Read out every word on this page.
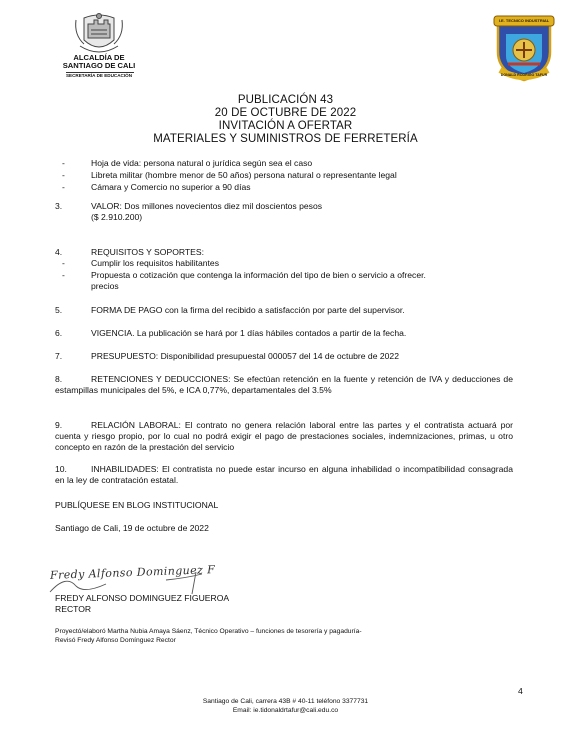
ALCALDÍA DE
SANTIAGO DE CALI
SECRETARÍA DE EDUCACIÓN
I.E. TECNICO INDUSTRIAL
DONALD RODRIGO TAFUR
PUBLICACIÓN 43
20 DE OCTUBRE DE 2022
INVITACIÓN A OFERTAR
MATERIALES Y SUMINISTROS DE FERRETERÍA
-	Hoja de vida: persona natural o jurídica según sea el caso
-	Libreta militar (hombre menor de 50 años) persona natural o representante legal
-	Cámara y Comercio no superior a 90 días
3.	VALOR: Dos millones novecientos diez mil doscientos pesos
($ 2.910.200)
4.	REQUISITOS Y SOPORTES:
-	Cumplir los requisitos habilitantes
-	Propuesta o cotización que contenga la información del tipo de bien o servicio a ofrecer.
precios
5.	FORMA DE PAGO con la firma del recibido a satisfacción por parte del supervisor.
6.	VIGENCIA. La publicación se hará por 1 días hábiles contados a partir de la fecha.
7.	PRESUPUESTO: Disponibilidad presupuestal 000057 del 14 de octubre de 2022
8.	RETENCIONES Y DEDUCCIONES: Se efectúan retención en la fuente y retención de IVA y deducciones de estampillas municipales del 5%, e ICA 0,77%, departamentales del 3.5%
9.	RELACIÓN LABORAL: El contrato no genera relación laboral entre las partes y el contratista actuará por cuenta y riesgo propio, por lo cual no podrá exigir el pago de prestaciones sociales, indemnizaciones, primas, u otro concepto en razón de la prestación del servicio
10.	INHABILIDADES: El contratista no puede estar incurso en alguna inhabilidad o incompatibilidad consagrada en la ley de contratación estatal.
PUBLÍQUESE EN BLOG INSTITUCIONAL
Santiago de Cali, 19 de octubre de 2022
Fredy Alfonso Dominguez F
FREDY ALFONSO DOMINGUEZ FIGUEROA
RECTOR
Proyectó/elaboró Martha Nubia Amaya Sáenz, Técnico Operativo – funciones de tesorería y pagaduría-
Revisó Fredy Alfonso Domínguez Rector
4
Santiago de Cali, carrera 43B # 40-11 teléfono 3377731
Email: ie.tidonaldrtafur@cali.edu.co
